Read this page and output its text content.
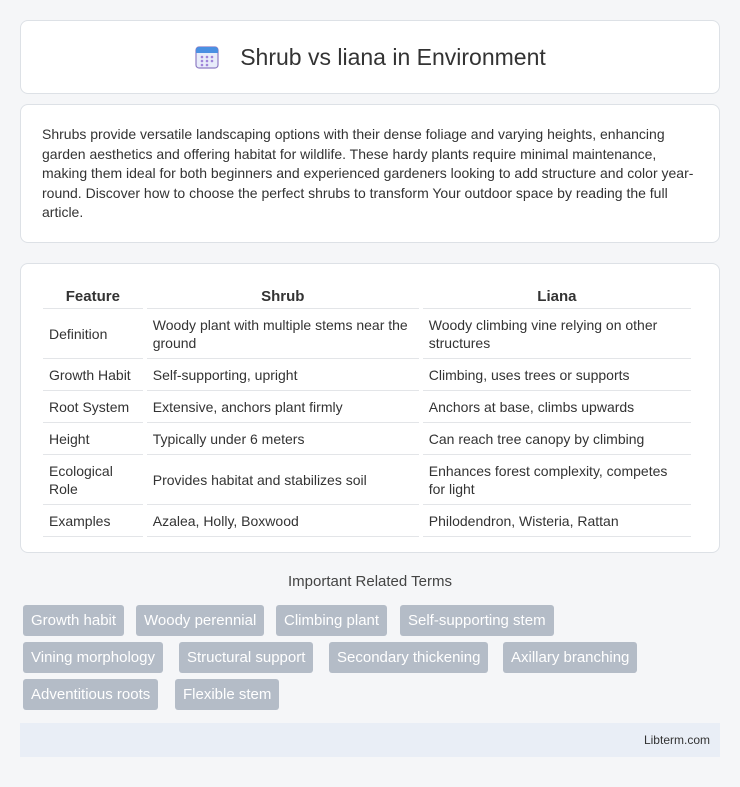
Shrub vs liana in Environment

Shrubs provide versatile landscaping options with their dense foliage and varying heights, enhancing garden aesthetics and offering habitat for wildlife. These hardy plants require minimal maintenance, making them ideal for both beginners and experienced gardeners looking to add structure and color year-round. Discover how to choose the perfect shrubs to transform Your outdoor space by reading the full article.

Feature	Shrub	Liana
Definition	Woody plant with multiple stems near the ground	Woody climbing vine relying on other structures
Growth Habit	Self-supporting, upright	Climbing, uses trees or supports
Root System	Extensive, anchors plant firmly	Anchors at base, climbs upwards
Height	Typically under 6 meters	Can reach tree canopy by climbing
Ecological Role	Provides habitat and stabilizes soil	Enhances forest complexity, competes for light
Examples	Azalea, Holly, Boxwood	Philodendron, Wisteria, Rattan
Important Related Terms
Growth habit	Woody perennial	Climbing plant	Self-supporting stem
Vining morphology	Structural support	Secondary thickening	Axillary branching
Adventitious roots	Flexible stem
Libterm.com
